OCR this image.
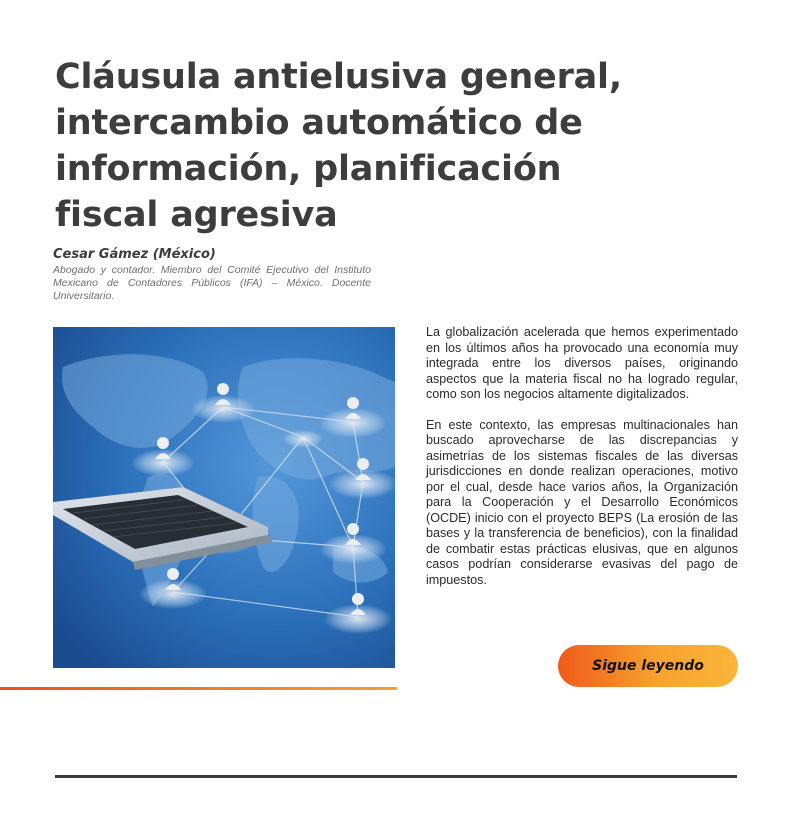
Cláusula antielusiva general,
intercambio automático de
información, planificación
fiscal agresiva
Cesar Gámez (México)
Abogado y contador. Miembro del Comité Ejecutivo del Instituto Mexicano de Contadores Públicos (IFA) – México. Docente Universitario.

La globalización acelerada que hemos experimentado en los últimos años ha provocado una economía muy integrada entre los diversos países, originando aspectos que la materia fiscal no ha logrado regular, como son los negocios altamente digitalizados.

En este contexto, las empresas multinacionales han buscado aprovecharse de las discrepancias y asimetrías de los sistemas fiscales de las diversas jurisdicciones en donde realizan operaciones, motivo por el cual, desde hace varios años, la Organización para la Cooperación y el Desarrollo Económicos (OCDE) inicio con el proyecto BEPS (La erosión de las bases y la transferencia de beneficios), con la finalidad de combatir estas prácticas elusivas, que en algunos casos podrían considerarse evasivas del pago de impuestos.

Sigue leyendo
